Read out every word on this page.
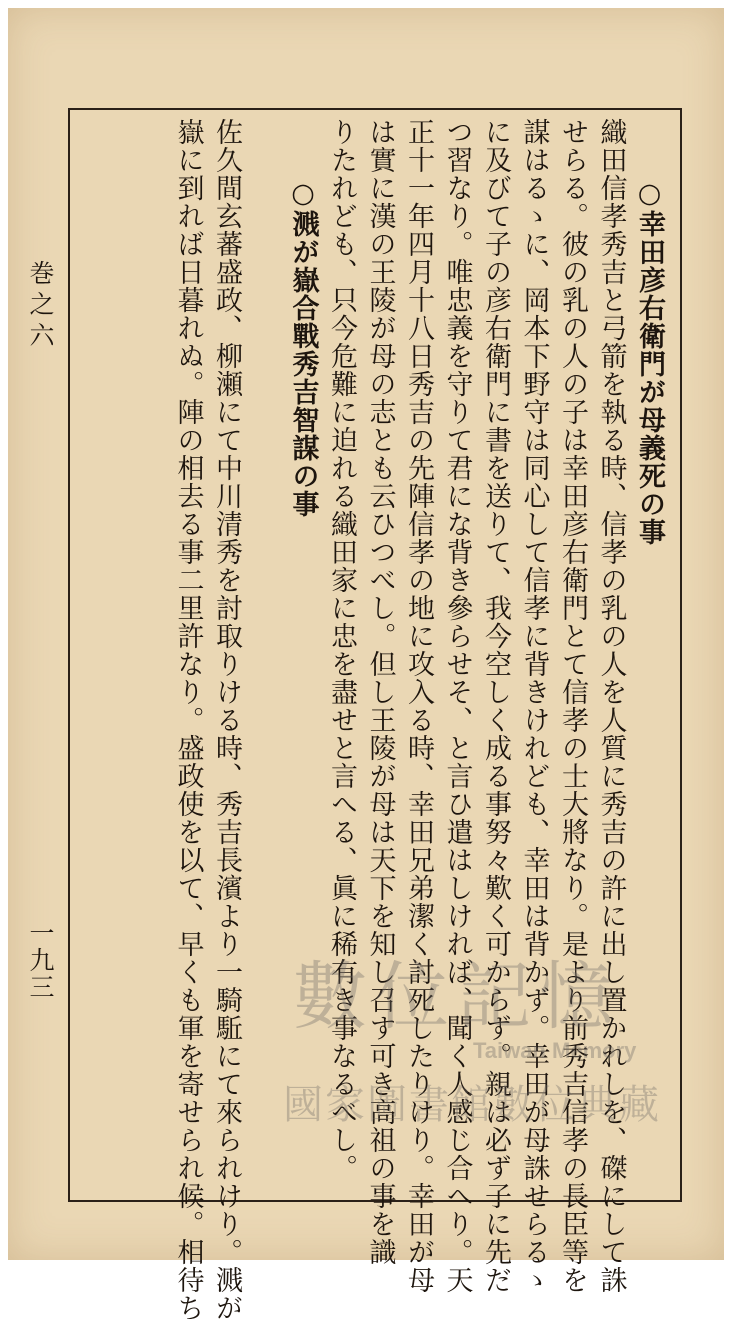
巻之六	○幸田彦右衛門が母義死の事
織田信孝秀吉と弓箭を執る時、信孝の乳の人を人質に秀吉の許に出し置かれしを、磔にして誅
せらる。彼の乳の人の子は幸田彦右衛門とて信孝の士大將なり。是より前秀吉信孝の長臣等を
謀はるゝに、岡本下野守は同心して信孝に背きけれども、幸田は背かず。幸田が母誅せらるゝ
に及びて子の彦右衛門に書を送りて、我今空しく成る事努々歎く可からず。親は必ず子に先だ
つ習なり。唯忠義を守りて君にな背き參らせそ、と言ひ遣はしければ、聞く人感じ合へり。天
正十一年四月十八日秀吉の先陣信孝の地に攻入る時、幸田兄弟潔く討死したりけり。幸田が母
は實に漢の王陵が母の志とも云ひつべし。但し王陵が母は天下を知し召す可き高祖の事を識
りたれども、只今危難に迫れる織田家に忠を盡せと言へる、眞に稀有き事なるべし。
○溅が嶽合戰秀吉智謀の事
佐久間玄蕃盛政、柳瀬にて中川清秀を討取りける時、秀吉長濱より一騎駈にて來られけり。溅が
嶽に到れば日暮れぬ。陣の相去る事二里許なり。盛政使を以て、早くも軍を寄せられ候。相待ち
一九三	數位記憶
Taiwan Memory
國家圖書館數位典藏
